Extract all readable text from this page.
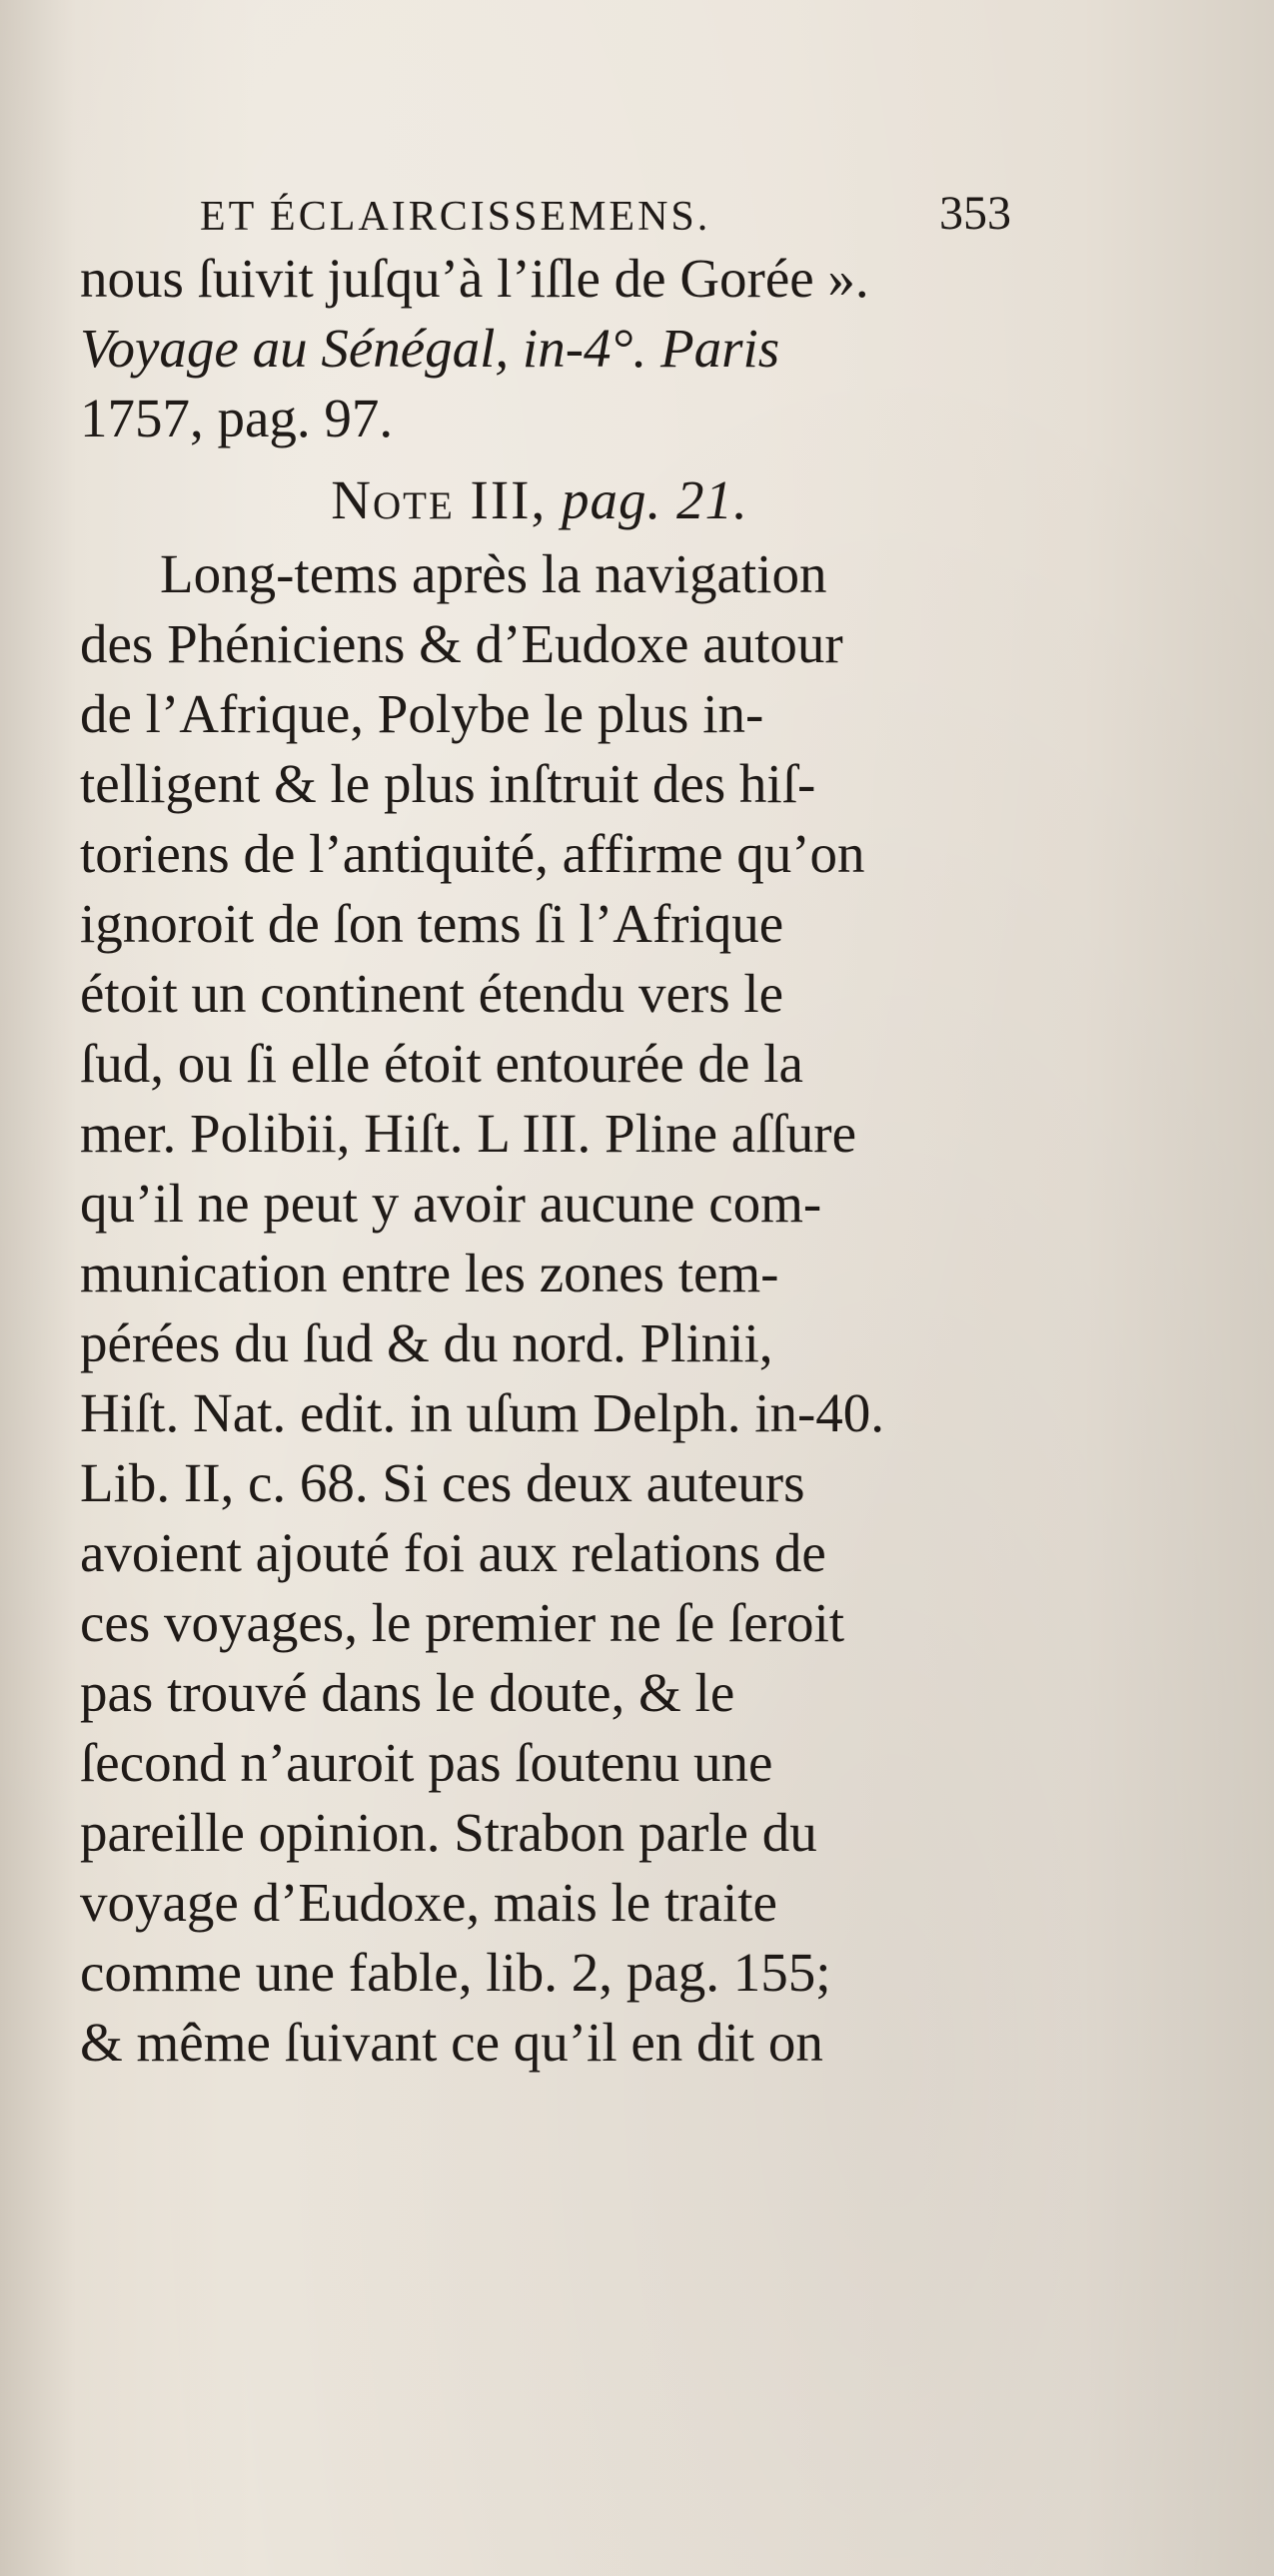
ET ÉCLAIRCISSEMENS.	353
nous ſuivit juſqu’à l’iſle de Gorée ».
Voyage au Sénégal, in-4°. Paris
1757, pag. 97.
Note III, pag. 21.
Long-tems après la navigation
des Phéniciens & d’Eudoxe autour
de l’Afrique, Polybe le plus in-
telligent & le plus inſtruit des hiſ-
toriens de l’antiquité, affirme qu’on
ignoroit de ſon tems ſi l’Afrique
étoit un continent étendu vers le
ſud, ou ſi elle étoit entourée de la
mer. Polibii, Hiſt. L III. Pline aſſure
qu’il ne peut y avoir aucune com-
munication entre les zones tem-
pérées du ſud & du nord. Plinii,
Hiſt. Nat. edit. in uſum Delph. in-40.
Lib. II, c. 68. Si ces deux auteurs
avoient ajouté foi aux relations de
ces voyages, le premier ne ſe ſeroit
pas trouvé dans le doute, & le
ſecond n’auroit pas ſoutenu une
pareille opinion. Strabon parle du
voyage d’Eudoxe, mais le traite
comme une fable, lib. 2, pag. 155;
& même ſuivant ce qu’il en dit on
